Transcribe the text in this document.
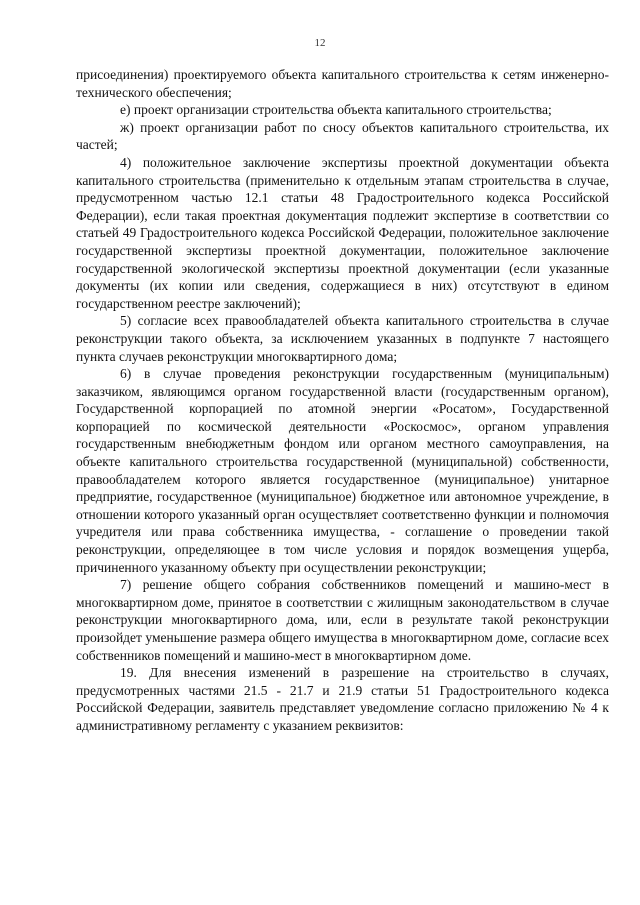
12

присоединения) проектируемого объекта капитального строительства к сетям инженерно-технического обеспечения;

е) проект организации строительства объекта капитального строительства;

ж) проект организации работ по сносу объектов капитального строительства, их частей;

4) положительное заключение экспертизы проектной документации объекта капитального строительства (применительно к отдельным этапам строительства в случае, предусмотренном частью 12.1 статьи 48 Градостроительного кодекса Российской Федерации), если такая проектная документация подлежит экспертизе в соответствии со статьей 49 Градостроительного кодекса Российской Федерации, положительное заключение государственной экспертизы проектной документации, положительное заключение государственной экологической экспертизы проектной документации (если указанные документы (их копии или сведения, содержащиеся в них) отсутствуют в едином государственном реестре заключений);

5) согласие всех правообладателей объекта капитального строительства в случае реконструкции такого объекта, за исключением указанных в подпункте 7 настоящего пункта случаев реконструкции многоквартирного дома;

6) в случае проведения реконструкции государственным (муниципальным) заказчиком, являющимся органом государственной власти (государственным органом), Государственной корпорацией по атомной энергии «Росатом», Государственной корпорацией по космической деятельности «Роскосмос», органом управления государственным внебюджетным фондом или органом местного самоуправления, на объекте капитального строительства государственной (муниципальной) собственности, правообладателем которого является государственное (муниципальное) унитарное предприятие, государственное (муниципальное) бюджетное или автономное учреждение, в отношении которого указанный орган осуществляет соответственно функции и полномочия учредителя или права собственника имущества, - соглашение о проведении такой реконструкции, определяющее в том числе условия и порядок возмещения ущерба, причиненного указанному объекту при осуществлении реконструкции;

7) решение общего собрания собственников помещений и машино-мест в многоквартирном доме, принятое в соответствии с жилищным законодательством в случае реконструкции многоквартирного дома, или, если в результате такой реконструкции произойдет уменьшение размера общего имущества в многоквартирном доме, согласие всех собственников помещений и машино-мест в многоквартирном доме.

19. Для внесения изменений в разрешение на строительство в случаях, предусмотренных частями 21.5 - 21.7 и 21.9 статьи 51 Градостроительного кодекса Российской Федерации, заявитель представляет уведомление согласно приложению № 4 к административному регламенту с указанием реквизитов:
